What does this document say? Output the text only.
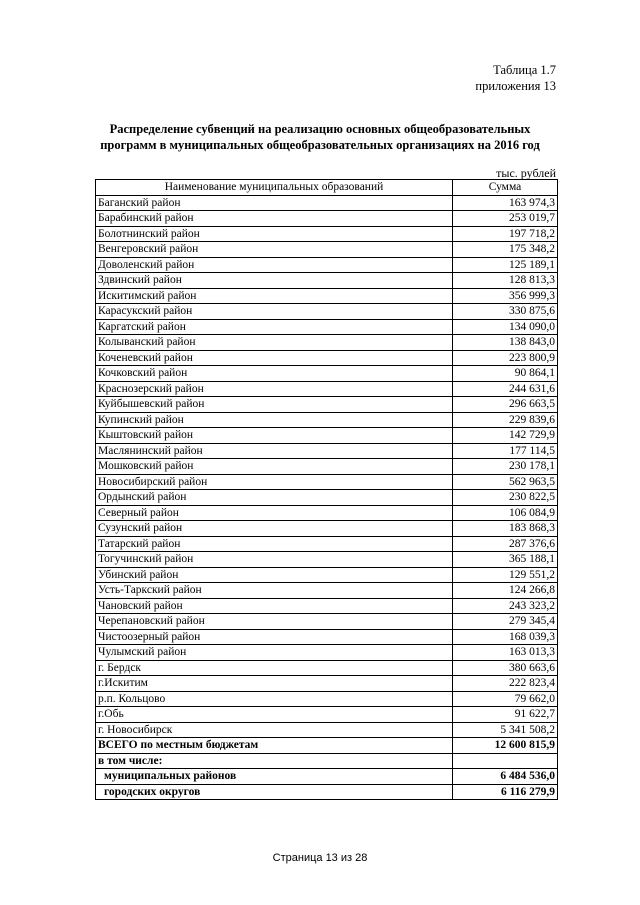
Таблица 1.7
приложения 13
Распределение субвенций на реализацию основных общеобразовательных
программ в муниципальных общеобразовательных организациях на 2016 год
тыс. рублей
Наименование муниципальных образований	Сумма
Баганский район	163 974,3
Барабинский район	253 019,7
Болотнинский район	197 718,2
Венгеровский район	175 348,2
Доволенский район	125 189,1
Здвинский район	128 813,3
Искитимский район	356 999,3
Карасукский район	330 875,6
Каргатский район	134 090,0
Колыванский район	138 843,0
Коченевский район	223 800,9
Кочковский район	90 864,1
Краснозерский район	244 631,6
Куйбышевский район	296 663,5
Купинский район	229 839,6
Кыштовский район	142 729,9
Маслянинский район	177 114,5
Мошковский район	230 178,1
Новосибирский район	562 963,5
Ордынский район	230 822,5
Северный район	106 084,9
Сузунский район	183 868,3
Татарский район	287 376,6
Тогучинский район	365 188,1
Убинский район	129 551,2
Усть-Таркский район	124 266,8
Чановский район	243 323,2
Черепановский район	279 345,4
Чистоозерный район	168 039,3
Чулымский район	163 013,3
г. Бердск	380 663,6
г.Искитим	222 823,4
р.п. Кольцово	79 662,0
г.Обь	91 622,7
г. Новосибирск	5 341 508,2
ВСЕГО по местным бюджетам	12 600 815,9
в том числе:	
муниципальных районов	6 484 536,0
городских округов	6 116 279,9
Страница 13 из 28
